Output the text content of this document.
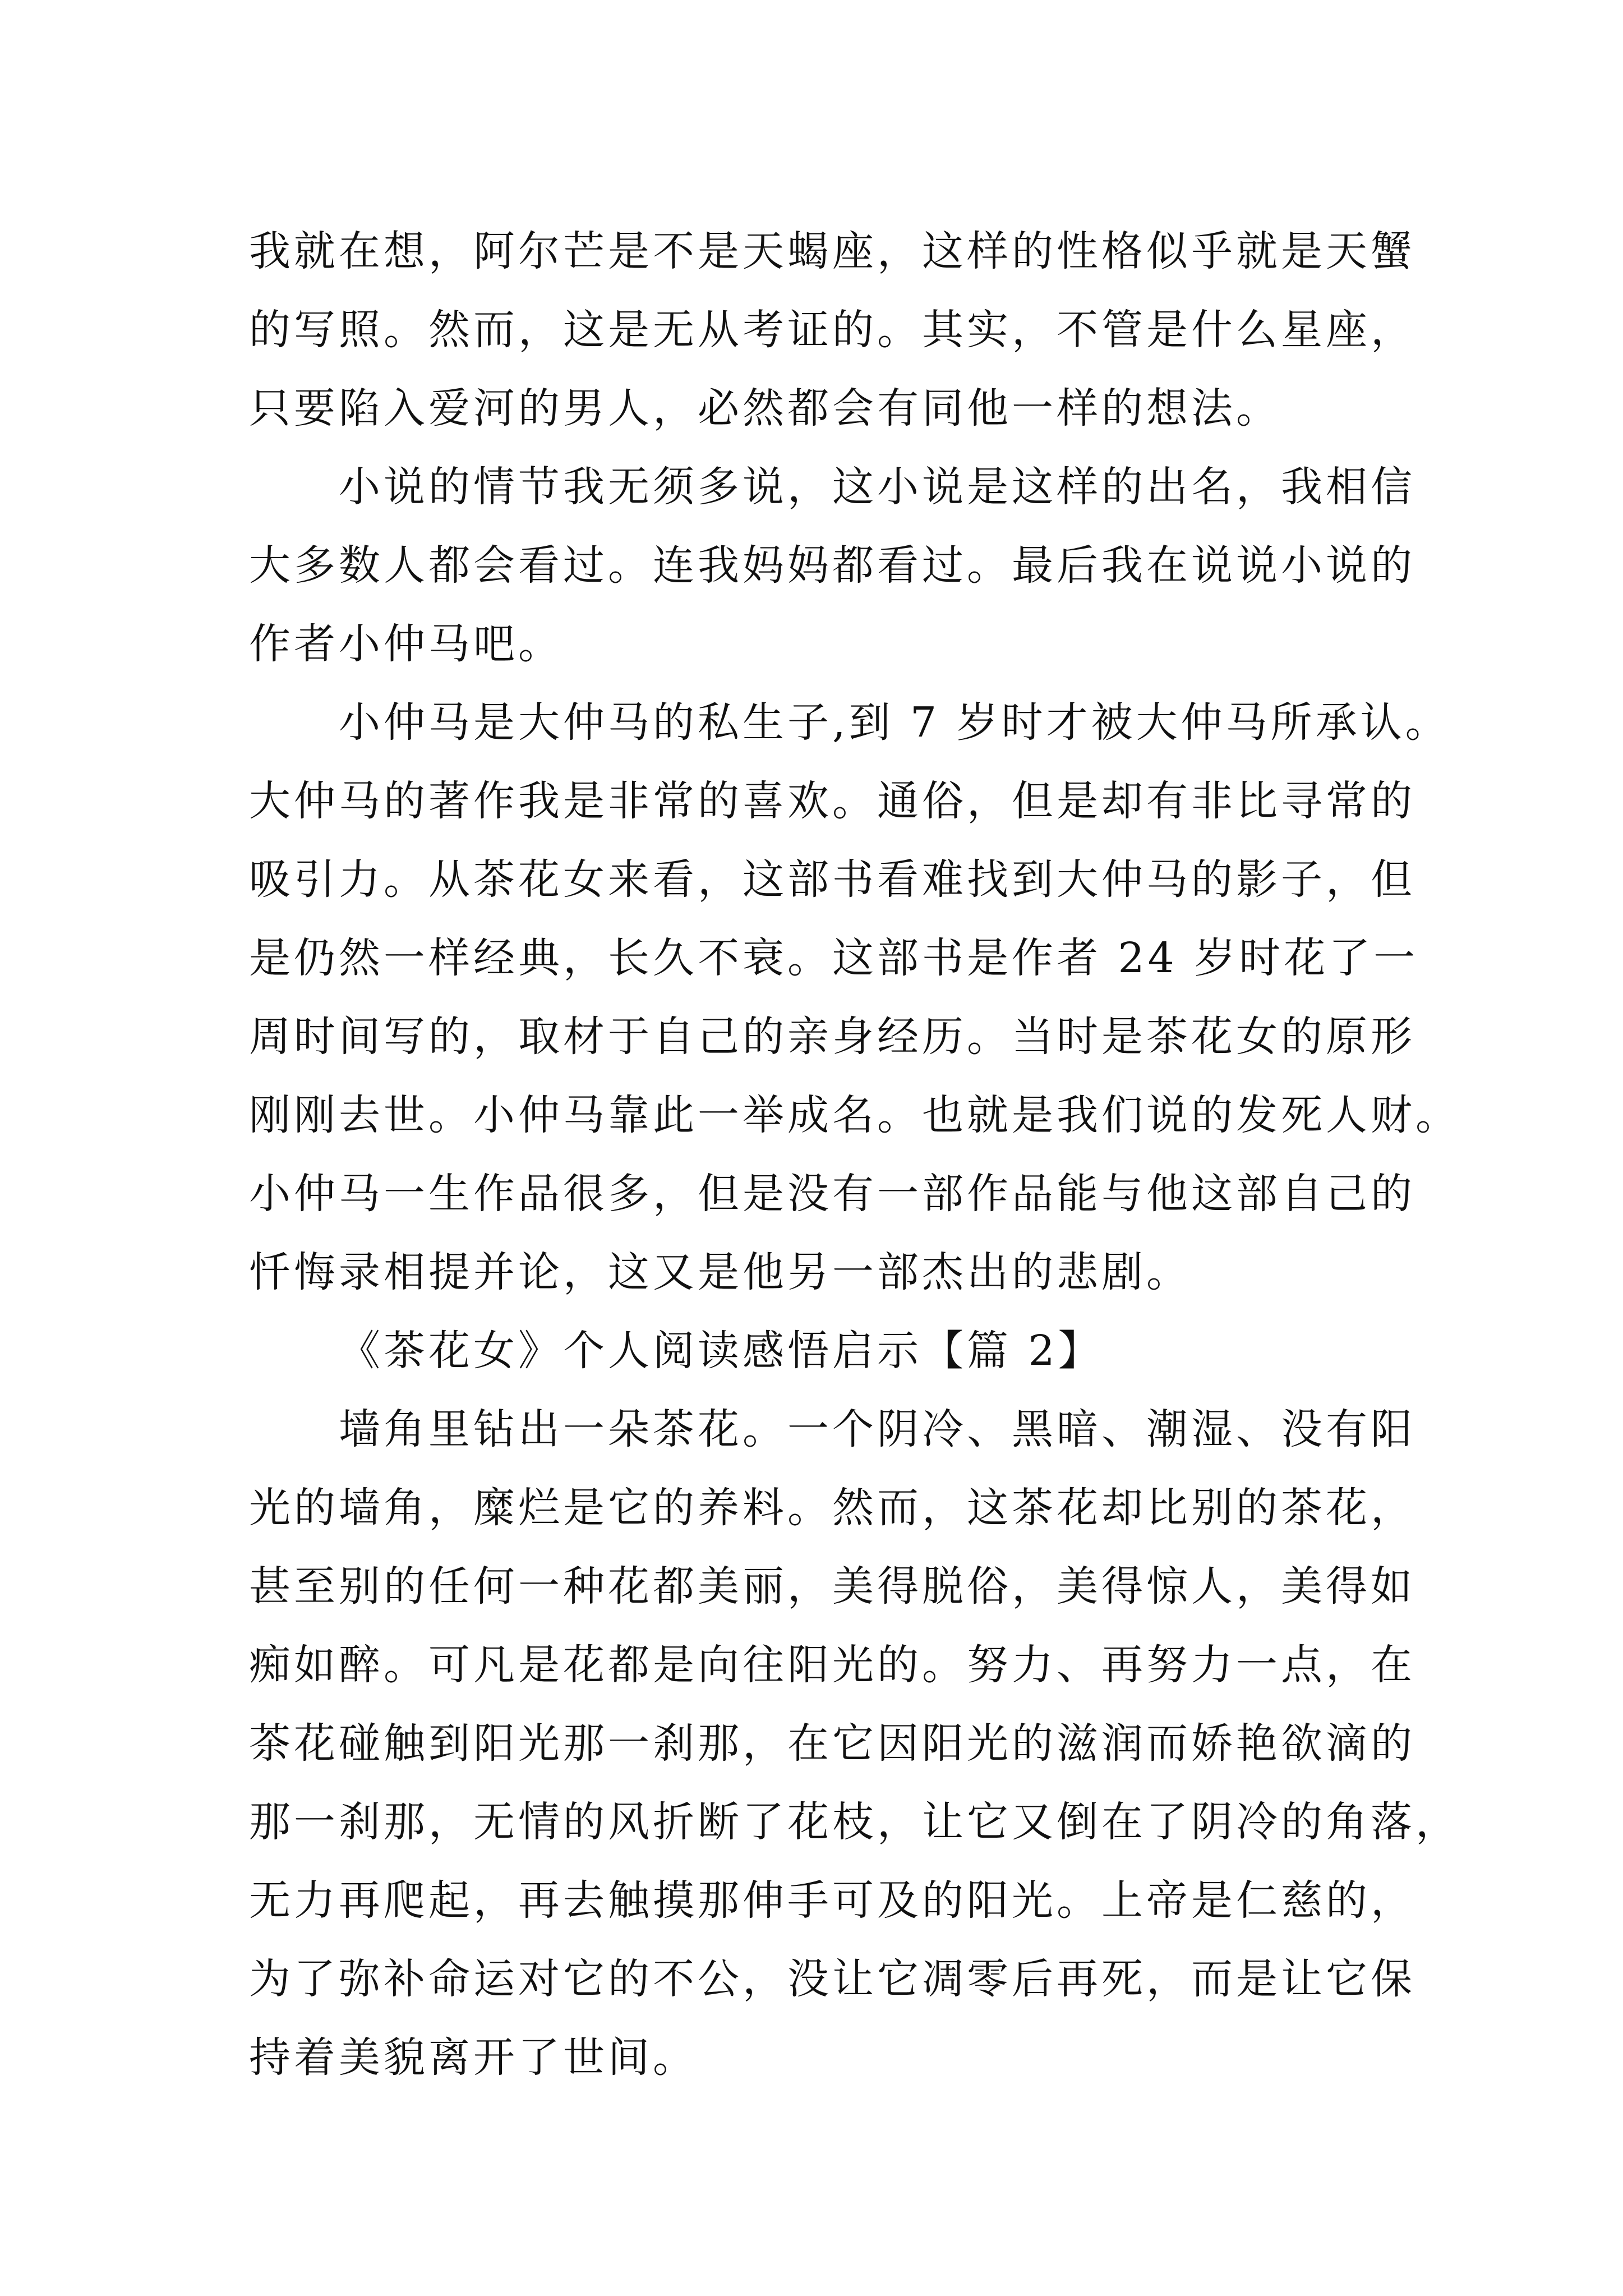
我就在想，阿尔芒是不是天蝎座，这样的性格似乎就是天蟹
的写照。然而，这是无从考证的。其实，不管是什么星座，
只要陷入爱河的男人，必然都会有同他一样的想法。
小说的情节我无须多说，这小说是这样的出名，我相信
大多数人都会看过。连我妈妈都看过。最后我在说说小说的
作者小仲马吧。
小仲马是大仲马的私生子,到 7 岁时才被大仲马所承认。
大仲马的著作我是非常的喜欢。通俗，但是却有非比寻常的
吸引力。从茶花女来看，这部书看难找到大仲马的影子，但
是仍然一样经典，长久不衰。这部书是作者 24 岁时花了一
周时间写的，取材于自己的亲身经历。当时是茶花女的原形
刚刚去世。小仲马靠此一举成名。也就是我们说的发死人财。
小仲马一生作品很多，但是没有一部作品能与他这部自己的
忏悔录相提并论，这又是他另一部杰出的悲剧。
《茶花女》个人阅读感悟启示【篇 2】
墙角里钻出一朵茶花。一个阴冷、黑暗、潮湿、没有阳
光的墙角，糜烂是它的养料。然而，这茶花却比别的茶花，
甚至别的任何一种花都美丽，美得脱俗，美得惊人，美得如
痴如醉。可凡是花都是向往阳光的。努力、再努力一点，在
茶花碰触到阳光那一刹那，在它因阳光的滋润而娇艳欲滴的
那一刹那，无情的风折断了花枝，让它又倒在了阴冷的角落，
无力再爬起，再去触摸那伸手可及的阳光。上帝是仁慈的，
为了弥补命运对它的不公，没让它凋零后再死，而是让它保
持着美貌离开了世间。
